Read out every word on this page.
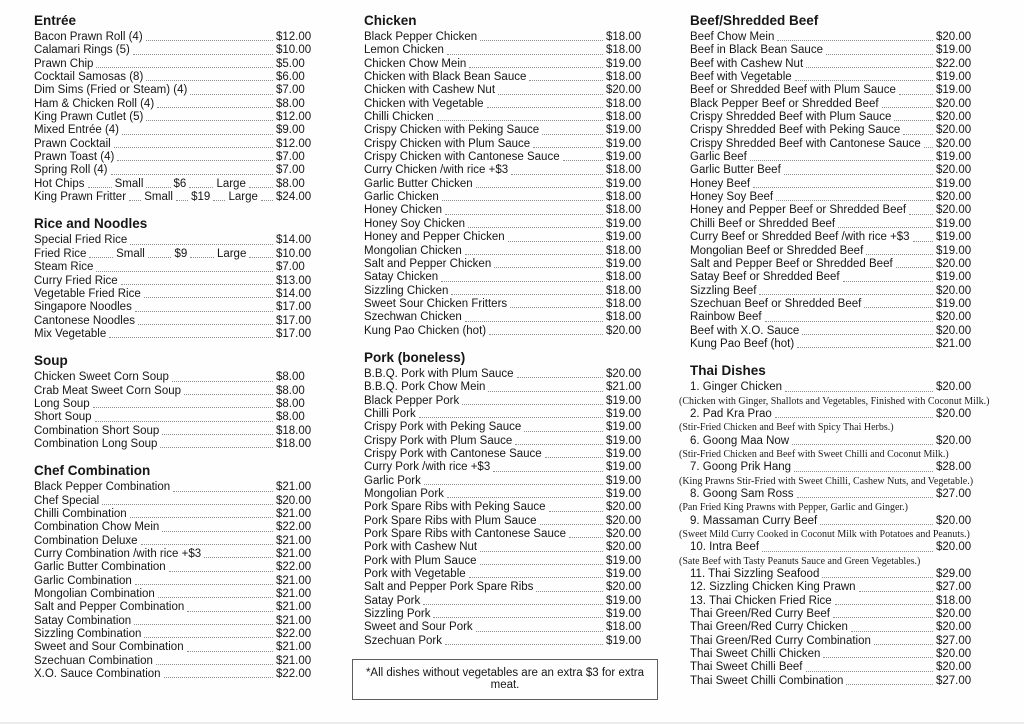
Entrée
Bacon Prawn Roll (4)	$12.00
Calamari Rings (5)	$10.00
Prawn Chip	$5.00
Cocktail Samosas (8)	$6.00
Dim Sims (Fried or Steam) (4)	$7.00
Ham & Chicken Roll (4)	$8.00
King Prawn Cutlet (5)	$12.00
Mixed Entrée (4)	$9.00
Prawn Cocktail	$12.00
Prawn Toast (4)	$7.00
Spring Roll (4)	$7.00
Hot Chips	Small	$6	Large	$8.00
King Prawn Fritter Small $19 Large $24.00
Rice and Noodles
Special Fried Rice	$14.00
Fried Rice	Small	$9	Large	$10.00
Steam Rice	$7.00
Curry Fried Rice	$13.00
Vegetable Fried Rice	$14.00
Singapore Noodles	$17.00
Cantonese Noodles	$17.00
Mix Vegetable	$17.00
Soup
Chicken Sweet Corn Soup	$8.00
Crab Meat Sweet Corn Soup	$8.00
Long Soup	$8.00
Short Soup	$8.00
Combination Short Soup	$18.00
Combination Long Soup	$18.00
Chef Combination
Black Pepper Combination	$21.00
Chef Special	$20.00
Chilli Combination	$21.00
Combination Chow Mein	$22.00
Combination Deluxe	$21.00
Curry Combination /with rice +$3	$21.00
Garlic Butter Combination	$22.00
Garlic Combination	$21.00
Mongolian Combination	$21.00
Salt and Pepper Combination	$21.00
Satay Combination	$21.00
Sizzling Combination	$22.00
Sweet and Sour Combination	$21.00
Szechuan Combination	$21.00
X.O. Sauce Combination	$22.00
Chicken
Black Pepper Chicken	$18.00
Lemon Chicken	$18.00
Chicken Chow Mein	$19.00
Chicken with Black Bean Sauce	$18.00
Chicken with Cashew Nut	$20.00
Chicken with Vegetable	$18.00
Chilli Chicken	$18.00
Crispy Chicken with Peking Sauce	$19.00
Crispy Chicken with Plum Sauce	$19.00
Crispy Chicken with Cantonese Sauce	$19.00
Curry Chicken /with rice +$3	$18.00
Garlic Butter Chicken	$19.00
Garlic Chicken	$18.00
Honey Chicken	$18.00
Honey Soy Chicken	$19.00
Honey and Pepper Chicken	$19.00
Mongolian Chicken	$18.00
Salt and Pepper Chicken	$19.00
Satay Chicken	$18.00
Sizzling Chicken	$18.00
Sweet Sour Chicken Fritters	$18.00
Szechwan Chicken	$18.00
Kung Pao Chicken (hot)	$20.00
Pork (boneless)
B.B.Q. Pork with Plum Sauce	$20.00
B.B.Q. Pork Chow Mein	$21.00
Black Pepper Pork	$19.00
Chilli Pork	$19.00
Crispy Pork with Peking Sauce	$19.00
Crispy Pork with Plum Sauce	$19.00
Crispy Pork with Cantonese Sauce	$19.00
Curry Pork /with rice +$3	$19.00
Garlic Pork	$19.00
Mongolian Pork	$19.00
Pork Spare Ribs with Peking Sauce	$20.00
Pork Spare Ribs with Plum Sauce	$20.00
Pork Spare Ribs with Cantonese Sauce	$20.00
Pork with Cashew Nut	$20.00
Pork with Plum Sauce	$19.00
Pork with Vegetable	$19.00
Salt and Pepper Pork Spare Ribs	$20.00
Satay Pork	$19.00
Sizzling Pork	$19.00
Sweet and Sour Pork	$18.00
Szechuan Pork	$19.00
Beef/Shredded Beef
Beef Chow Mein	$20.00
Beef in Black Bean Sauce	$19.00
Beef with Cashew Nut	$22.00
Beef with Vegetable	$19.00
Beef or Shredded Beef with Plum Sauce	$19.00
Black Pepper Beef or Shredded Beef	$20.00
Crispy Shredded Beef with Plum Sauce	$20.00
Crispy Shredded Beef with Peking Sauce	$20.00
Crispy Shredded Beef with Cantonese Sauce $20.00
Garlic Beef	$19.00
Garlic Butter Beef	$20.00
Honey Beef	$19.00
Honey Soy Beef	$20.00
Honey and Pepper Beef or Shredded Beef	$20.00
Chilli Beef or Shredded Beef	$19.00
Curry Beef or Shredded Beef /with rice +$3 $19.00
Mongolian Beef or Shredded Beef	$19.00
Salt and Pepper Beef or Shredded Beef	$20.00
Satay Beef or Shredded Beef	$19.00
Sizzling Beef	$20.00
Szechuan Beef or Shredded Beef	$19.00
Rainbow Beef	$20.00
Beef with X.O. Sauce	$20.00
Kung Pao Beef (hot)	$21.00
Thai Dishes
1. Ginger Chicken	$20.00
(Chicken with Ginger, Shallots and Vegetables, Finished with Coconut Milk.)
2. Pad Kra Prao	$20.00
(Stir-Fried Chicken and Beef with Spicy Thai Herbs.)
6. Goong Maa Now	$20.00
(Stir-Fried Chicken and Beef with Sweet Chilli and Coconut Milk.)
7. Goong Prik Hang	$28.00
(King Prawns Stir-Fried with Sweet Chilli, Cashew Nuts, and Vegetable.)
8. Goong Sam Ross	$27.00
(Pan Fried King Prawns with Pepper, Garlic and Ginger.)
9. Massaman Curry Beef	$20.00
(Sweet Mild Curry Cooked in Coconut Milk with Potatoes and Peanuts.)
10. Intra Beef	$20.00
(Sate Beef with Tasty Peanuts Sauce and Green Vegetables.)
11. Thai Sizzling Seafood	$29.00
12. Sizzling Chicken King Prawn	$27.00
13. Thai Chicken Fried Rice	$18.00
Thai Green/Red Curry Beef	$20.00
Thai Green/Red Curry Chicken	$20.00
Thai Green/Red Curry Combination	$27.00
Thai Sweet Chilli Chicken	$20.00
Thai Sweet Chilli Beef	$20.00
Thai Sweet Chilli Combination	$27.00
*All dishes without vegetables are an extra $3 for extra meat.
